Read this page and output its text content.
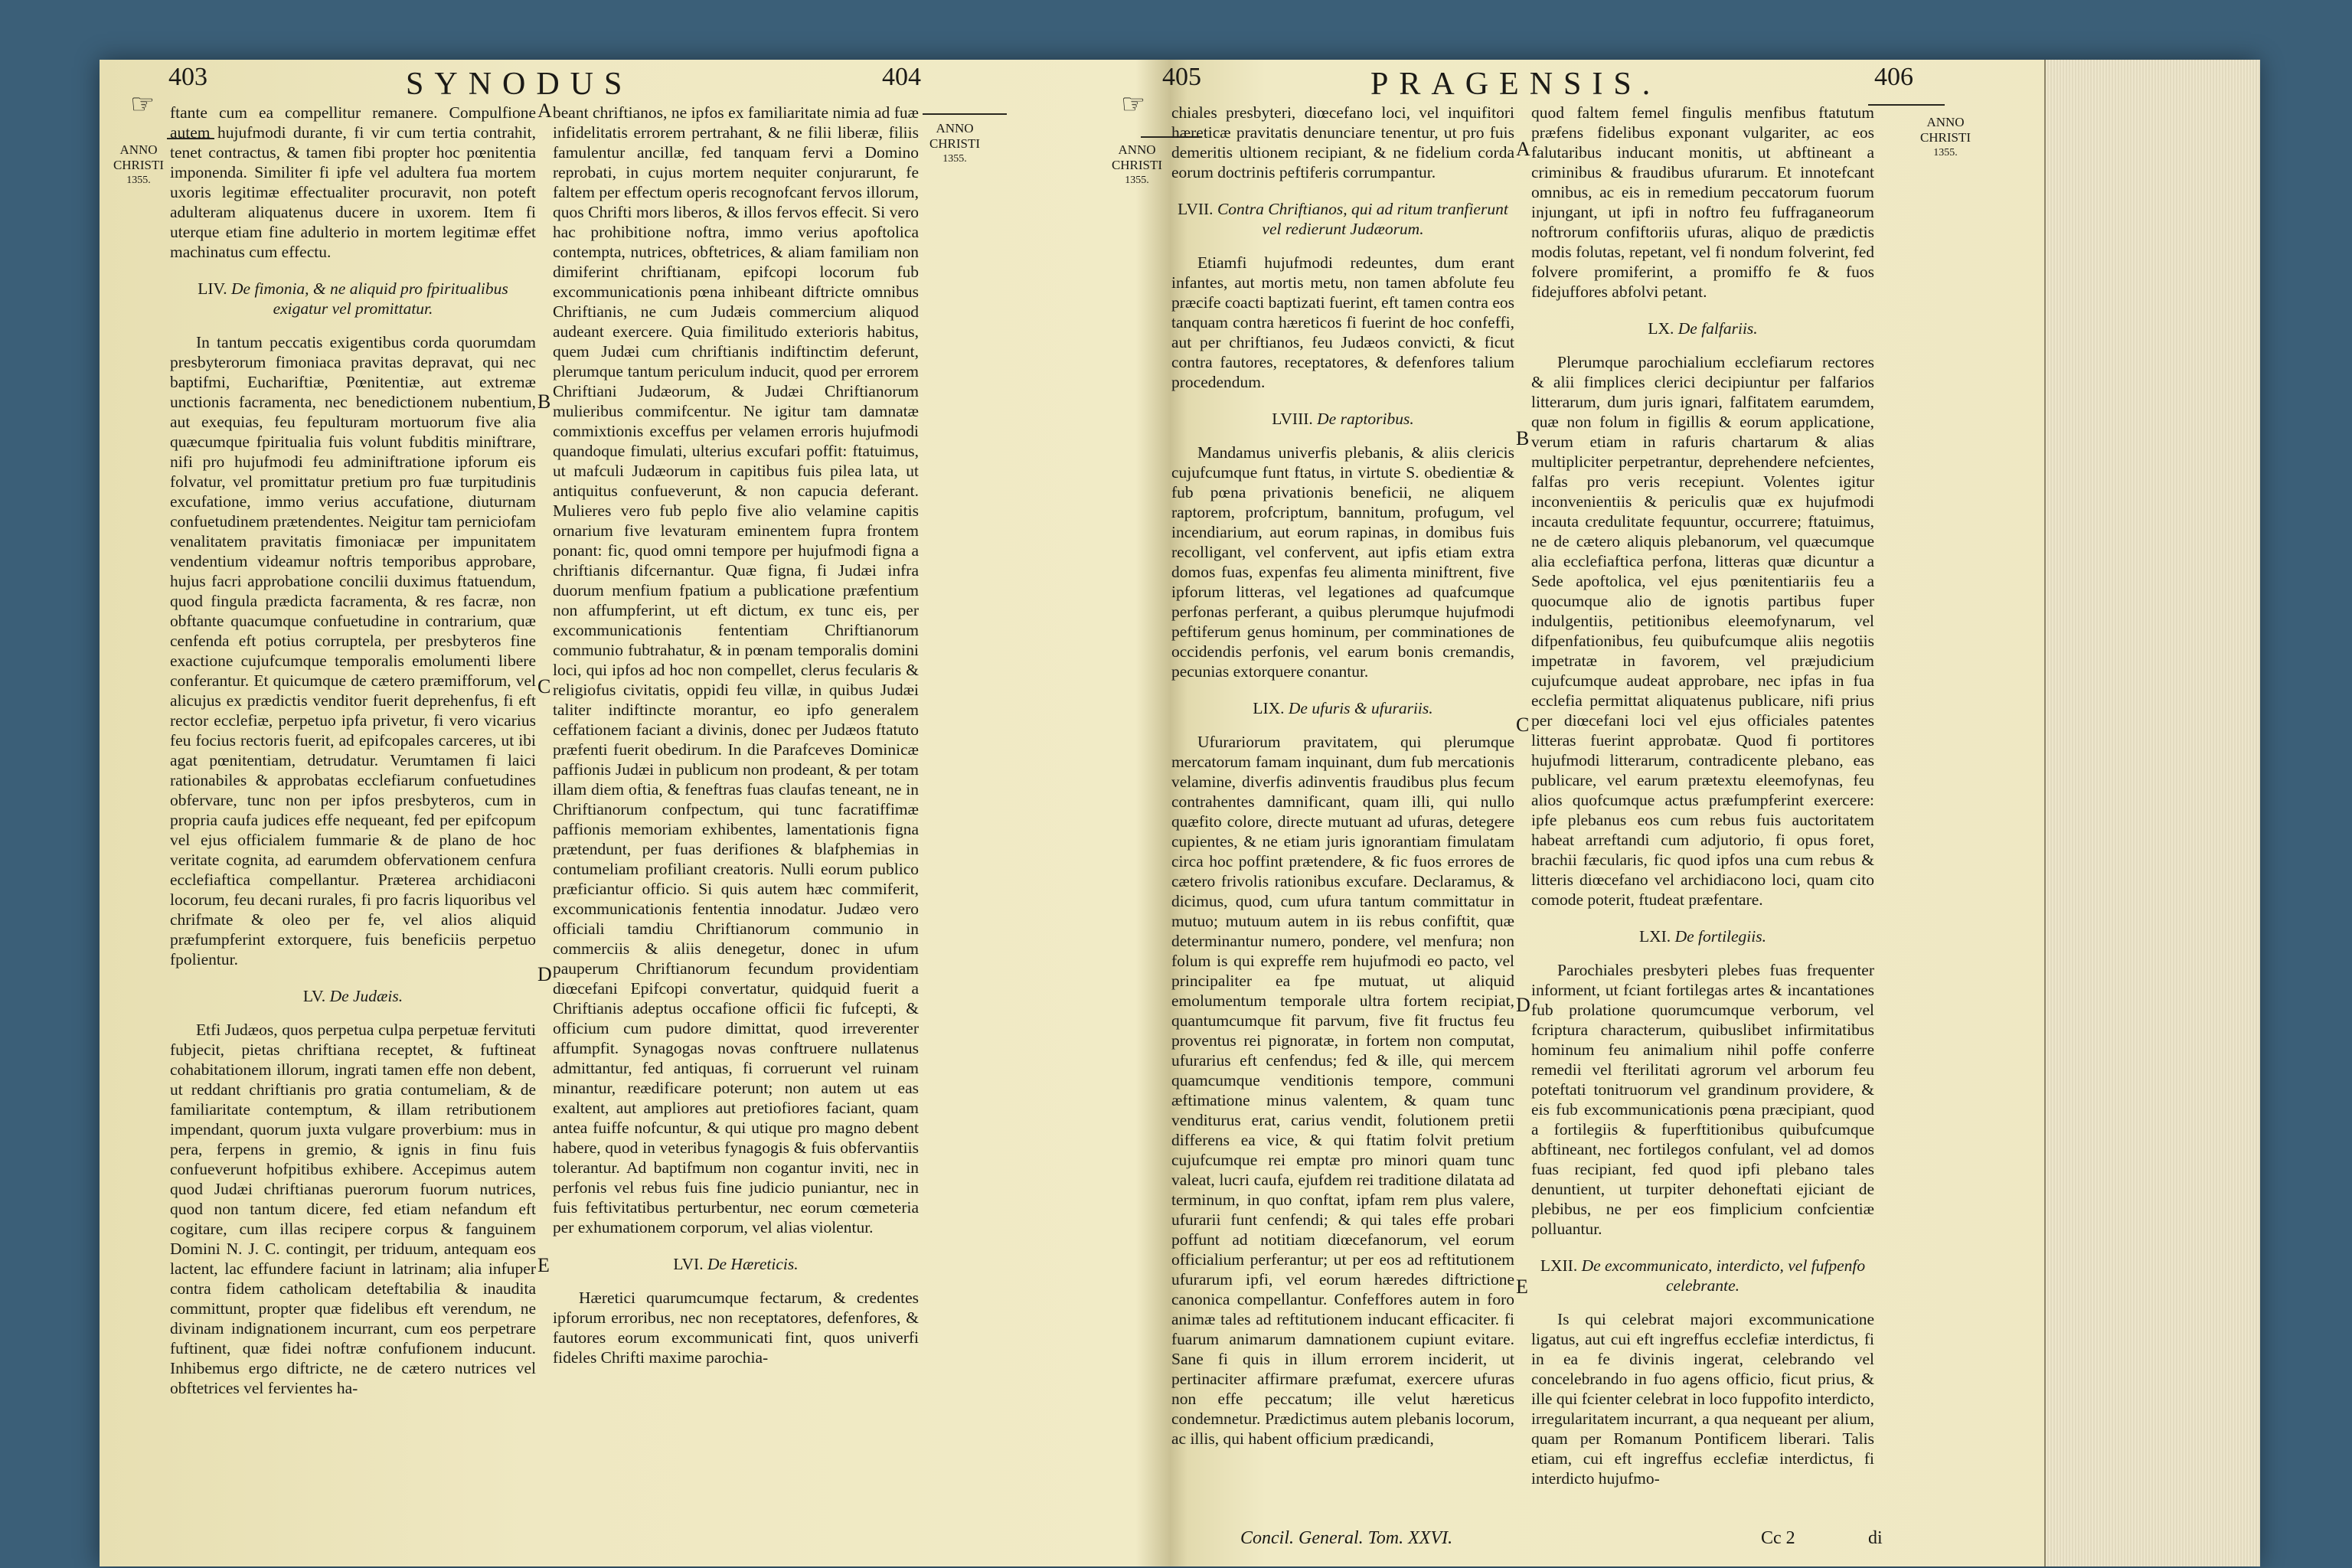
403	SYNODUS	404
☞
ANNO CHRISTI
1355.
ANNO CHRISTI
1355.

ftante cum ea compellitur remanere. Compulfione autem hujufmodi durante, fi vir cum tertia contrahit, tenet contractus, & tamen fibi propter hoc pœnitentia imponenda. Similiter fi ipfe vel adultera fua mortem uxoris legitimæ effectualiter procuravit, non poteft adulteram aliquatenus ducere in uxorem. Item fi uterque etiam fine adulterio in mortem legitimæ effet machinatus cum effectu.

LIV. De fimonia, & ne aliquid pro fpiritualibus exigatur vel promittatur.

In tantum peccatis exigentibus corda quorumdam presbyterorum fimoniaca pravitas depravat, qui nec baptifmi, Euchariftiæ, Pœnitentiæ, aut extremæ unctionis facramenta, nec benedictionem nubentium, aut exequias, feu fepulturam mortuorum five alia quæcumque fpiritualia fuis volunt fubditis miniftrare, nifi pro hujufmodi feu adminiftratione ipforum eis folvatur, vel promittatur pretium pro fuæ turpitudinis excufatione, immo verius accufatione, diuturnam confuetudinem prætendentes. Neigitur tam perniciofam venalitatem pravitatis fimoniacæ per impunitatem vendentium videamur noftris temporibus approbare, hujus facri approbatione concilii duximus ftatuendum, quod fingula prædicta facramenta, & res facræ, non obftante quacumque confuetudine in contrarium, quæ cenfenda eft potius corruptela, per presbyteros fine exactione cujufcumque temporalis emolumenti libere conferantur. Et quicumque de cætero præmifforum, vel alicujus ex prædictis venditor fuerit deprehenfus, fi eft rector ecclefiæ, perpetuo ipfa privetur, fi vero vicarius feu focius rectoris fuerit, ad epifcopales carceres, ut ibi agat pœnitentiam, detrudatur. Verumtamen fi laici rationabiles & approbatas ecclefiarum confuetudines obfervare, tunc non per ipfos presbyteros, cum in propria caufa judices effe nequeant, fed per epifcopum vel ejus officialem fummarie & de plano de hoc veritate cognita, ad earumdem obfervationem cenfura ecclefiaftica compellantur. Præterea archidiaconi locorum, feu decani rurales, fi pro facris liquoribus vel chrifmate & oleo per fe, vel alios aliquid præfumpferint extorquere, fuis beneficiis perpetuo fpolientur.

LV. De Judæis.

Etfi Judæos, quos perpetua culpa perpetuæ fervituti fubjecit, pietas chriftiana receptet, & fuftineat cohabitationem illorum, ingrati tamen effe non debent, ut reddant chriftianis pro gratia contumeliam, & de familiaritate contemptum, & illam retributionem impendant, quorum juxta vulgare proverbium: mus in pera, ferpens in gremio, & ignis in finu fuis confueverunt hofpitibus exhibere. Accepimus autem quod Judæi chriftianas puerorum fuorum nutrices, quod non tantum dicere, fed etiam nefandum eft cogitare, cum illas recipere corpus & fanguinem Domini N. J. C. contingit, per triduum, antequam eos lactent, lac effundere faciunt in latrinam; alia infuper contra fidem catholicam deteftabilia & inaudita committunt, propter quæ fidelibus eft verendum, ne divinam indignationem incurrant, cum eos perpetrare fuftinent, quæ fidei noftræ confufionem inducunt. Inhibemus ergo diftricte, ne de cætero nutrices vel obftetrices vel fervientes ha-

beant chriftianos, ne ipfos ex familiaritate nimia ad fuæ infidelitatis errorem pertrahant, & ne filii liberæ, filiis famulentur ancillæ, fed tanquam fervi a Domino reprobati, in cujus mortem nequiter conjurarunt, fe faltem per effectum operis recognofcant fervos illorum, quos Chrifti mors liberos, & illos fervos effecit. Si vero hac prohibitione noftra, immo verius apoftolica contempta, nutrices, obftetrices, & aliam familiam non dimiferint chriftianam, epifcopi locorum fub excommunicationis pœna inhibeant diftricte omnibus Chriftianis, ne cum Judæis commercium aliquod audeant exercere. Quia fimilitudo exterioris habitus, quem Judæi cum chriftianis indiftinctim deferunt, plerumque tantum periculum inducit, quod per errorem Chriftiani Judæorum, & Judæi Chriftianorum mulieribus commifcentur. Ne igitur tam damnatæ commixtionis exceffus per velamen erroris hujufmodi quandoque fimulati, ulterius excufari poffit: ftatuimus, ut mafculi Judæorum in capitibus fuis pilea lata, ut antiquitus confueverunt, & non capucia deferant. Mulieres vero fub peplo five alio velamine capitis ornarium five levaturam eminentem fupra frontem ponant: fic, quod omni tempore per hujufmodi figna a chriftianis difcernantur. Quæ figna, fi Judæi infra duorum menfium fpatium a publicatione præfentium non affumpferint, ut eft dictum, ex tunc eis, per excommunicationis fententiam Chriftianorum communio fubtrahatur, & in pœnam temporalis domini loci, qui ipfos ad hoc non compellet, clerus fecularis & religiofus civitatis, oppidi feu villæ, in quibus Judæi taliter indiftincte morantur, eo ipfo generalem ceffationem faciant a divinis, donec per Judæos ftatuto præfenti fuerit obedirum. In die Parafceves Dominicæ paffionis Judæi in publicum non prodeant, & per totam illam diem oftia, & feneftras fuas claufas teneant, ne in Chriftianorum confpectum, qui tunc facratiffimæ paffionis memoriam exhibentes, lamentationis figna prætendunt, per fuas derifiones & blafphemias in contumeliam profiliant creatoris. Nulli eorum publico præficiantur officio. Si quis autem hæc commiferit, excommunicationis fententia innodatur. Judæo vero officiali tamdiu Chriftianorum communio in commerciis & aliis denegetur, donec in ufum pauperum Chriftianorum fecundum providentiam diœcefani Epifcopi convertatur, quidquid fuerit a Chriftianis adeptus occafione officii fic fufcepti, & officium cum pudore dimittat, quod irreverenter affumpfit. Synagogas novas conftruere nullatenus admittantur, fed antiquas, fi corruerunt vel ruinam minantur, reædificare poterunt; non autem ut eas exaltent, aut ampliores aut pretiofiores faciant, quam antea fuiffe nofcuntur, & qui utique pro magno debent habere, quod in veteribus fynagogis & fuis obfervantiis tolerantur. Ad baptifmum non cogantur inviti, nec in perfonis vel rebus fuis fine judicio puniantur, nec in fuis feftivitatibus perturbentur, nec eorum cœmeteria per exhumationem corporum, vel alias violentur.

LVI. De Hæreticis.

Hæretici quarumcumque fectarum, & credentes ipforum erroribus, nec non receptatores, defenfores, & fautores eorum excommunicati fint, quos univerfi fideles Chrifti maxime parochia-

A
B
C
D
E
405	PRAGENSIS.	406
☞
ANNO CHRISTI
1355.
ANNO CHRISTI
1355.

chiales presbyteri, diœcefano loci, vel inquifitori hæreticæ pravitatis denunciare tenentur, ut pro fuis demeritis ultionem recipiant, & ne fidelium corda eorum doctrinis peftiferis corrumpantur.

LVII. Contra Chriftianos, qui ad ritum tranfierunt vel redierunt Judæorum.

Etiamfi hujufmodi redeuntes, dum erant infantes, aut mortis metu, non tamen abfolute feu præcife coacti baptizati fuerint, eft tamen contra eos tanquam contra hæreticos fi fuerint de hoc confeffi, aut per chriftianos, feu Judæos convicti, & ficut contra fautores, receptatores, & defenfores talium procedendum.

LVIII. De raptoribus.

Mandamus univerfis plebanis, & aliis clericis cujufcumque funt ftatus, in virtute S. obedientiæ & fub pœna privationis beneficii, ne aliquem raptorem, profcriptum, bannitum, profugum, vel incendiarium, aut eorum rapinas, in domibus fuis recolligant, vel confervent, aut ipfis etiam extra domos fuas, expenfas feu alimenta miniftrent, five ipforum litteras, vel legationes ad quafcumque perfonas perferant, a quibus plerumque hujufmodi peftiferum genus hominum, per comminationes de occidendis perfonis, vel earum bonis cremandis, pecunias extorquere conantur.

LIX. De ufuris & ufurariis.

Ufurariorum pravitatem, qui plerumque mercatorum famam inquinant, dum fub mercationis velamine, diverfis adinventis fraudibus plus fecum contrahentes damnificant, quam illi, qui nullo quæfito colore, directe mutuant ad ufuras, detegere cupientes, & ne etiam juris ignorantiam fimulatam circa hoc poffint prætendere, & fic fuos errores de cætero frivolis rationibus excufare. Declaramus, & dicimus, quod, cum ufura tantum committatur in mutuo; mutuum autem in iis rebus confiftit, quæ determinantur numero, pondere, vel menfura; non folum is qui expreffe rem hujufmodi eo pacto, vel principaliter ea fpe mutuat, ut aliquid emolumentum temporale ultra fortem recipiat, quantumcumque fit parvum, five fit fructus feu proventus rei pignoratæ, in fortem non computat, ufurarius eft cenfendus; fed & ille, qui mercem quamcumque venditionis tempore, communi æftimatione minus valentem, & quam tunc venditurus erat, carius vendit, folutionem pretii differens ea vice, & qui ftatim folvit pretium cujufcumque rei emptæ pro minori quam tunc valeat, lucri caufa, ejufdem rei traditione dilatata ad terminum, in quo conftat, ipfam rem plus valere, ufurarii funt cenfendi; & qui tales effe probari poffunt ad notitiam diœcefanorum, vel eorum officialium perferantur; ut per eos ad reftitutionem ufurarum ipfi, vel eorum hæredes diftrictione canonica compellantur. Confeffores autem in foro animæ tales ad reftitutionem inducant efficaciter. fi fuarum animarum damnationem cupiunt evitare. Sane fi quis in illum errorem inciderit, ut pertinaciter affirmare præfumat, exercere ufuras non effe peccatum; ille velut hæreticus condemnetur. Prædictimus autem plebanis locorum, ac illis, qui habent officium prædicandi,

Concil. General. Tom. XXVI.

quod faltem femel fingulis menfibus ftatutum præfens fidelibus exponant vulgariter, ac eos falutaribus inducant monitis, ut abftineant a criminibus & fraudibus ufurarum. Et innotefcant omnibus, ac eis in remedium peccatorum fuorum injungant, ut ipfi in noftro feu fuffraganeorum noftrorum confiftoriis ufuras, aliquo de prædictis modis folutas, repetant, vel fi nondum folverint, fed folvere promiferint, a promiffo fe & fuos fidejuffores abfolvi petant.

LX. De falfariis.

Plerumque parochialium ecclefiarum rectores & alii fimplices clerici decipiuntur per falfarios litterarum, dum juris ignari, falfitatem earumdem, quæ non folum in figillis & eorum applicatione, verum etiam in rafuris chartarum & alias multipliciter perpetrantur, deprehendere nefcientes, falfas pro veris recepiunt. Volentes igitur inconvenientiis & periculis quæ ex hujufmodi incauta credulitate fequuntur, occurrere; ftatuimus, ne de cætero aliquis plebanorum, vel quæcumque alia ecclefiaftica perfona, litteras quæ dicuntur a Sede apoftolica, vel ejus pœnitentiariis feu a quocumque alio de ignotis partibus fuper indulgentiis, petitionibus eleemofynarum, vel difpenfationibus, feu quibufcumque aliis negotiis impetratæ in favorem, vel præjudicium cujufcumque audeat approbare, nec ipfas in fua ecclefia permittat aliquatenus publicare, nifi prius per diœcefani loci vel ejus officiales patentes litteras fuerint approbatæ. Quod fi portitores hujufmodi litterarum, contradicente plebano, eas publicare, vel earum prætextu eleemofynas, feu alios quofcumque actus præfumpferint exercere: ipfe plebanus eos cum rebus fuis auctoritatem habeat arreftandi cum adjutorio, fi opus foret, brachii fæcularis, fic quod ipfos una cum rebus & litteris diœcefano vel archidiacono loci, quam cito comode poterit, ftudeat præfentare.

LXI. De fortilegiis.

Parochiales presbyteri plebes fuas frequenter informent, ut fciant fortilegas artes & incantationes fub prolatione quorumcumque verborum, vel fcriptura characterum, quibuslibet infirmitatibus hominum feu animalium nihil poffe conferre remedii vel fterilitati agrorum vel arborum feu poteftati tonitruorum vel grandinum providere, & eis fub excommunicationis pœna præcipiant, quod a fortilegiis & fuperftitionibus quibufcumque abftineant, nec fortilegos confulant, vel ad domos fuas recipiant, fed quod ipfi plebano tales denuntient, ut turpiter dehoneftati ejiciant de plebibus, ne per eos fimplicium confcientiæ polluantur.

LXII. De excommunicato, interdicto, vel fufpenfo celebrante.

Is qui celebrat majori excommunicatione ligatus, aut cui eft ingreffus ecclefiæ interdictus, fi in ea fe divinis ingerat, celebrando vel concelebrando in fuo agens officio, ficut prius, & ille qui fcienter celebrat in loco fuppofito interdicto, irregularitatem incurrant, a qua nequeant per alium, quam per Romanum Pontificem liberari. Talis etiam, cui eft ingreffus ecclefiæ interdictus, fi interdicto hujufmo-

Cc 2	di
A
B
C
D
E
